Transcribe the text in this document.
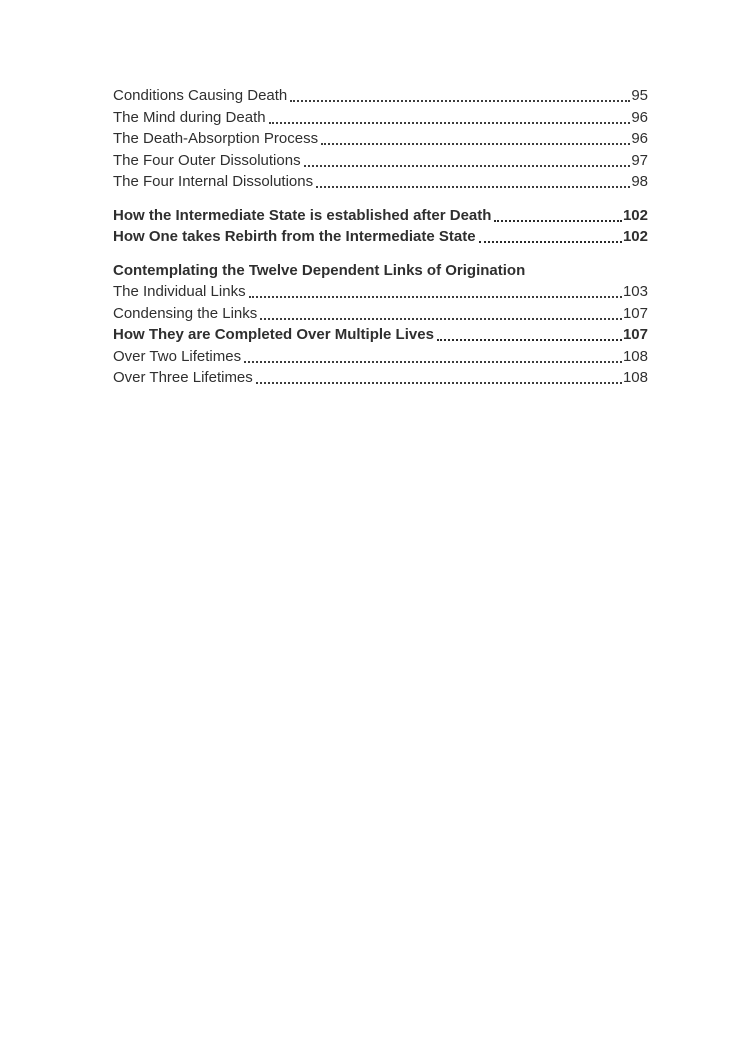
Conditions Causing Death	95
The Mind during Death	96
The Death-Absorption Process	96
The Four Outer Dissolutions	97
The Four Internal Dissolutions	98
How the Intermediate State is established after Death	102
How One takes Rebirth from the Intermediate State	102
Contemplating the Twelve Dependent Links of Origination
The Individual Links	103
Condensing the Links	107
How They are Completed Over Multiple Lives	107
Over Two Lifetimes	108
Over Three Lifetimes	108
